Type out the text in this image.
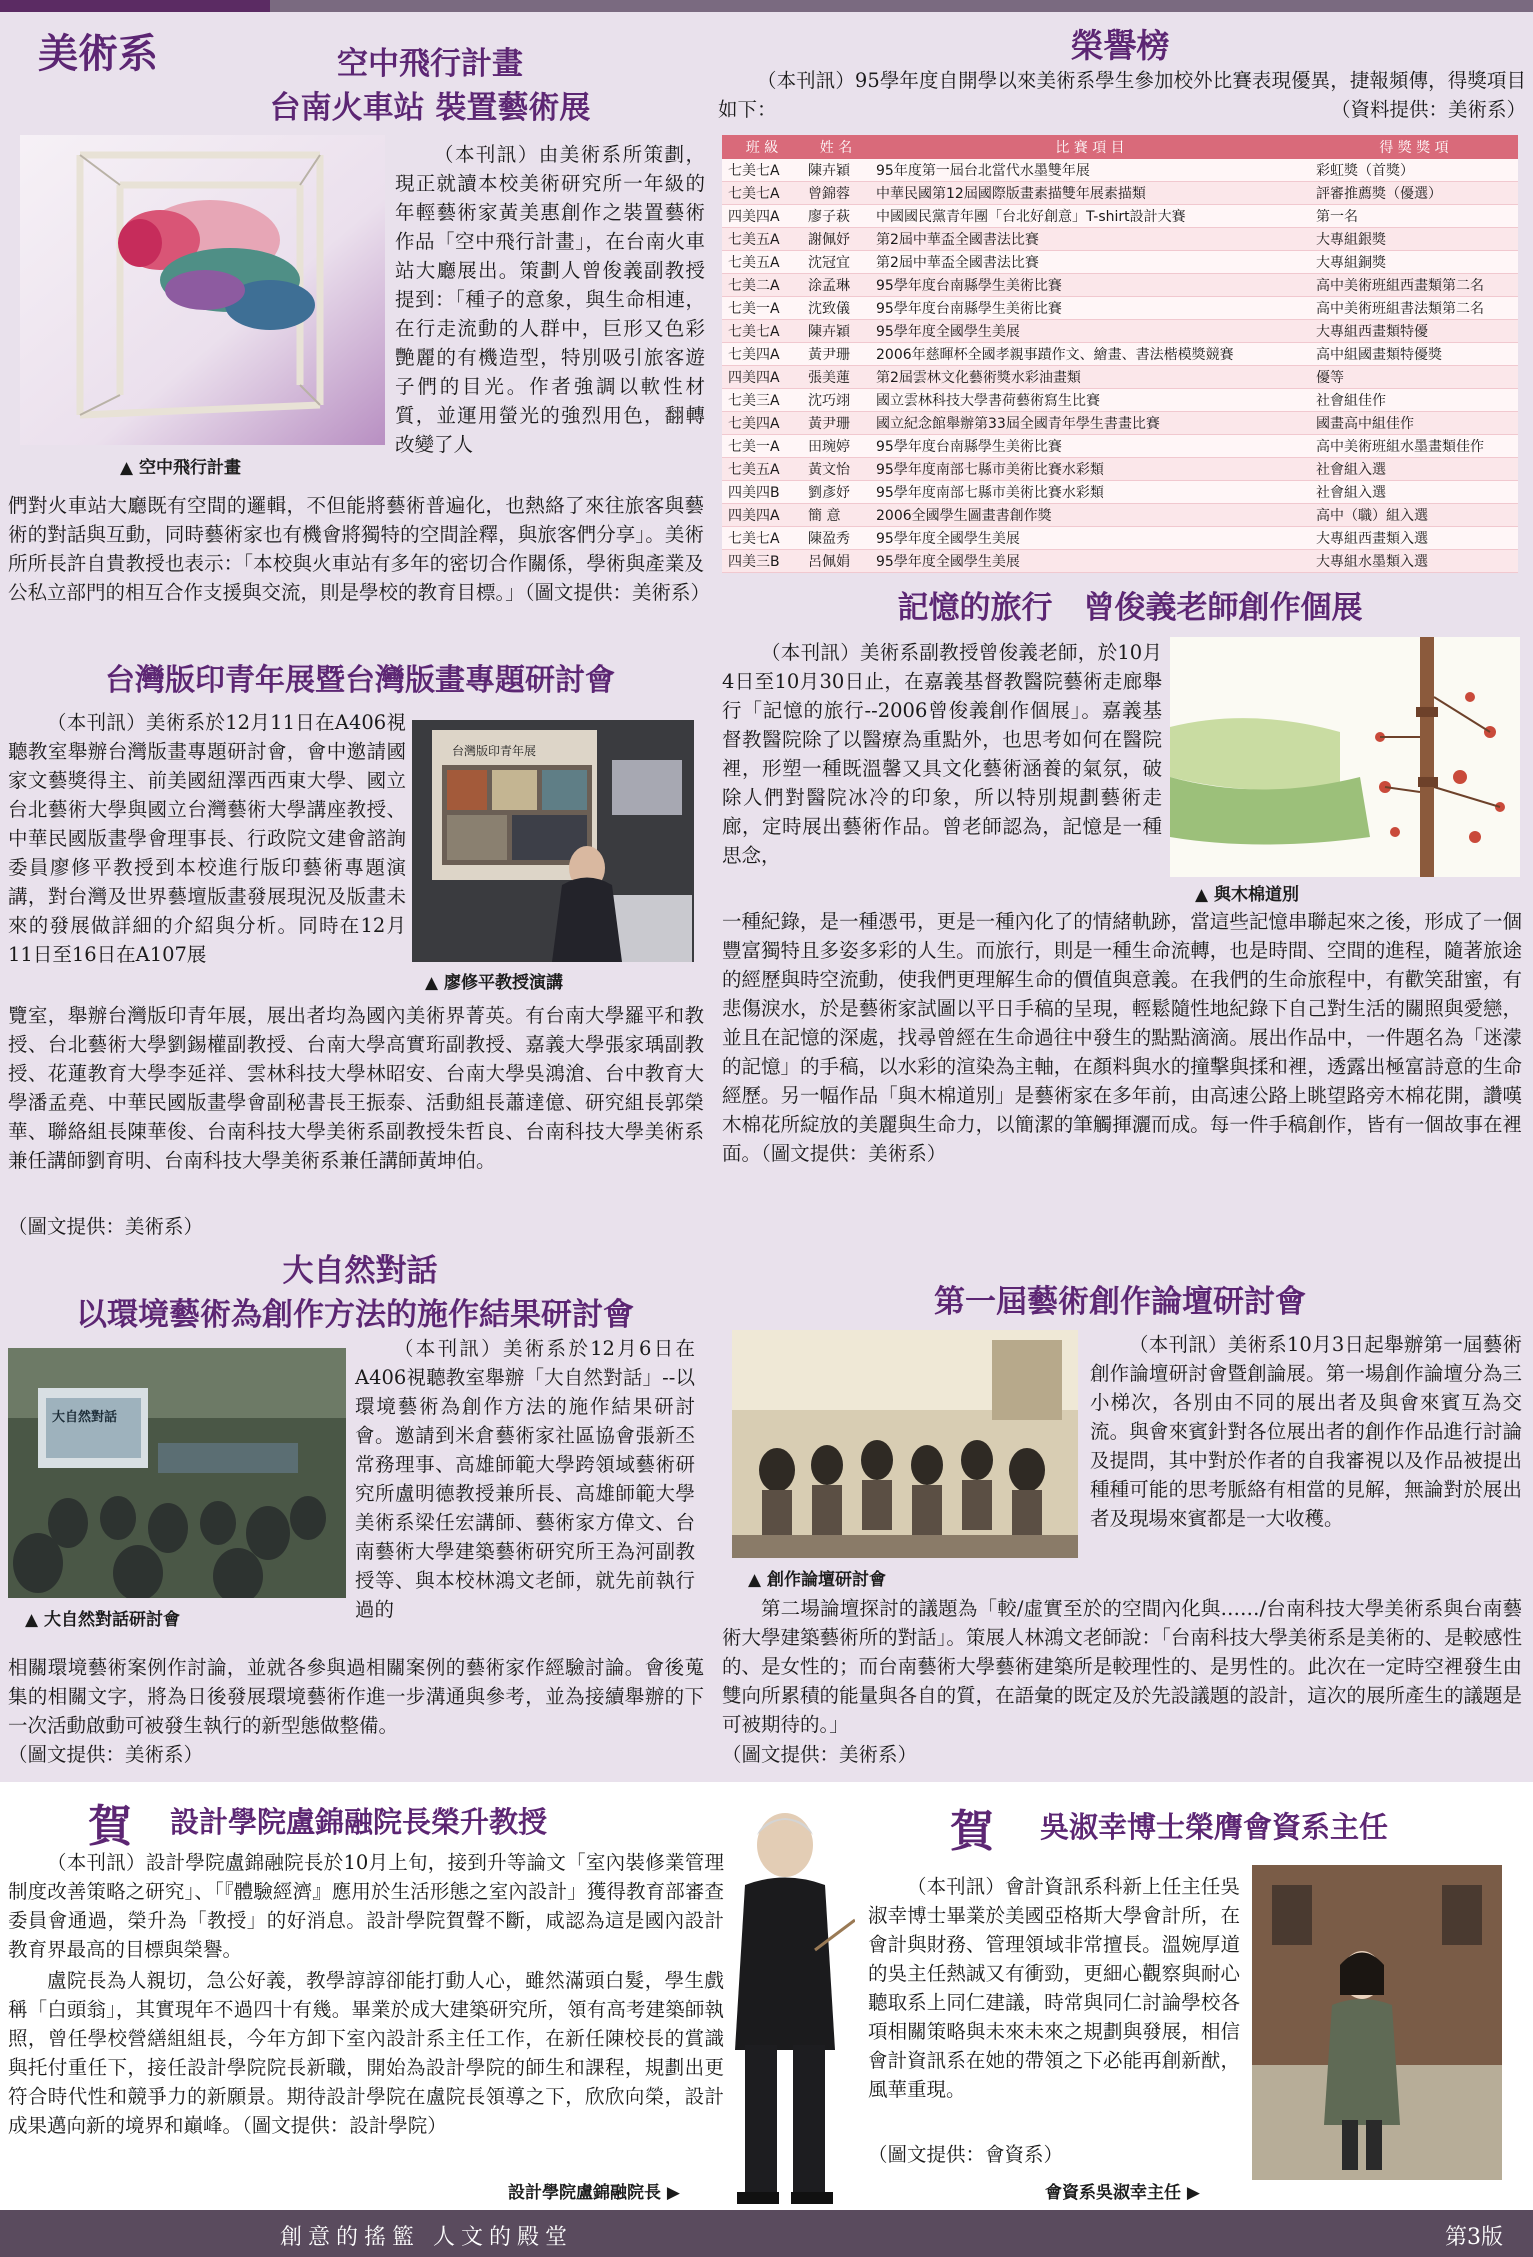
美術系	空中飛行計畫
台南火車站 裝置藝術展
▲ 空中飛行計畫

（本刊訊）由美術系所策劃，現正就讀本校美術研究所一年級的年輕藝術家黃美惠創作之裝置藝術作品「空中飛行計畫」，在台南火車站大廳展出。策劃人曾俊義副教授提到：「種子的意象，與生命相連，在行走流動的人群中，巨形又色彩艷麗的有機造型，特別吸引旅客遊子們的目光。作者強調以軟性材質，並運用螢光的強烈用色，翻轉改變了人

們對火車站大廳既有空間的邏輯，不但能將藝術普遍化，也熱絡了來往旅客與藝術的對話與互動，同時藝術家也有機會將獨特的空間詮釋，與旅客們分享」。美術所所長許自貴教授也表示：「本校與火車站有多年的密切合作關係，學術與產業及公私立部門的相互合作支援與交流，則是學校的教育目標。」（圖文提供：美術系）

台灣版印青年展暨台灣版畫專題研討會

（本刊訊）美術系於12月11日在A406視聽教室舉辦台灣版畫專題研討會，會中邀請國家文藝獎得主、前美國紐澤西西東大學、國立台北藝術大學與國立台灣藝術大學講座教授、中華民國版畫學會理事長、行政院文建會諮詢委員廖修平教授到本校進行版印藝術專題演講，對台灣及世界藝壇版畫發展現況及版畫未來的發展做詳細的介紹與分析。同時在12月11日至16日在A107展

台灣版印青年展
▲ 廖修平教授演講

覽室，舉辦台灣版印青年展，展出者均為國內美術界菁英。有台南大學羅平和教授、台北藝術大學劉錫權副教授、台南大學高實珩副教授、嘉義大學張家瑀副教授、花蓮教育大學李延祥、雲林科技大學林昭安、台南大學吳鴻滄、台中教育大學潘孟堯、中華民國版畫學會副秘書長王振泰、活動組長蕭達億、研究組長郭榮華、聯絡組長陳華俊、台南科技大學美術系副教授朱哲良、台南科技大學美術系兼任講師劉育明、台南科技大學美術系兼任講師黃坤伯。

（圖文提供：美術系）

大自然對話
以環境藝術為創作方法的施作結果研討會
大自然對話
▲ 大自然對話研討會

（本刊訊）美術系於12月6日在A406視聽教室舉辦「大自然對話」--以環境藝術為創作方法的施作結果研討會。邀請到米倉藝術家社區協會張新丕常務理事、高雄師範大學跨領域藝術研究所盧明德教授兼所長、高雄師範大學美術系梁任宏講師、藝術家方偉文、台南藝術大學建築藝術研究所王為河副教授等、與本校林鴻文老師，就先前執行過的

相關環境藝術案例作討論，並就各參與過相關案例的藝術家作經驗討論。會後蒐集的相關文字，將為日後發展環境藝術作進一步溝通與參考，並為接續舉辦的下一次活動啟動可被發生執行的新型態做整備。

（圖文提供：美術系）

榮譽榜

（本刊訊）95學年度自開學以來美術系學生參加校外比賽表現優異，捷報頻傳，得獎項目如下：	（資料提供：美術系）

班 級	姓 名	比 賽 項 目	得 獎 獎 項
七美七A	陳卉穎	95年度第一屆台北當代水墨雙年展	彩虹獎（首獎）
七美七A	曾錦蓉	中華民國第12屆國際版畫素描雙年展素描類	評審推薦獎（優選）
四美四A	廖子萩	中國國民黨青年團「台北好創意」T-shirt設計大賽	第一名
七美五A	謝佩妤	第2屆中華盃全國書法比賽	大專組銀獎
七美五A	沈冠宜	第2屆中華盃全國書法比賽	大專組銅獎
七美二A	涂孟琳	95學年度台南縣學生美術比賽	高中美術班組西畫類第二名
七美一A	沈致儀	95學年度台南縣學生美術比賽	高中美術班組書法類第二名
七美七A	陳卉穎	95學年度全國學生美展	大專組西畫類特優
七美四A	黃尹珊	2006年慈暉杯全國孝親事蹟作文、繪畫、書法楷模獎競賽	高中組國畫類特優獎
四美四A	張美蓮	第2屆雲林文化藝術獎水彩油畫類	優等
七美三A	沈巧翊	國立雲林科技大學書荷藝術寫生比賽	社會組佳作
七美四A	黃尹珊	國立紀念館舉辦第33屆全國青年學生書畫比賽	國畫高中組佳作
七美一A	田琬婷	95學年度台南縣學生美術比賽	高中美術班組水墨畫類佳作
七美五A	黃文怡	95學年度南部七縣市美術比賽水彩類	社會組入選
四美四B	劉彥妤	95學年度南部七縣市美術比賽水彩類	社會組入選
四美四A	簡 意	2006全國學生圖畫書創作獎	高中（職）組入選
七美七A	陳盈秀	95學年度全國學生美展	大專組西畫類入選
四美三B	呂佩娟	95學年度全國學生美展	大專組水墨類入選
記憶的旅行　曾俊義老師創作個展

（本刊訊）美術系副教授曾俊義老師，於10月4日至10月30日止，在嘉義基督教醫院藝術走廊舉行「記憶的旅行--2006曾俊義創作個展」。嘉義基督教醫院除了以醫療為重點外，也思考如何在醫院裡，形塑一種既溫馨又具文化藝術涵養的氣氛，破除人們對醫院冰冷的印象，所以特別規劃藝術走廊，定時展出藝術作品。曾老師認為，記憶是一種思念，

▲ 與木棉道別

一種紀錄，是一種憑弔，更是一種內化了的情緒軌跡，當這些記憶串聯起來之後，形成了一個豐富獨特且多姿多彩的人生。而旅行，則是一種生命流轉，也是時間、空間的進程，隨著旅途的經歷與時空流動，使我們更理解生命的價值與意義。在我們的生命旅程中，有歡笑甜蜜，有悲傷淚水，於是藝術家試圖以平日手稿的呈現，輕鬆隨性地紀錄下自己對生活的關照與愛戀，並且在記憶的深處，找尋曾經在生命過往中發生的點點滴滴。展出作品中，一件題名為「迷濛的記憶」的手稿，以水彩的渲染為主軸，在顏料與水的撞擊與揉和裡，透露出極富詩意的生命經歷。另一幅作品「與木棉道別」是藝術家在多年前，由高速公路上眺望路旁木棉花開，讚嘆木棉花所綻放的美麗與生命力，以簡潔的筆觸揮灑而成。每一件手稿創作，皆有一個故事在裡面。（圖文提供：美術系）

第一屆藝術創作論壇研討會
▲ 創作論壇研討會

（本刊訊）美術系10月3日起舉辦第一屆藝術創作論壇研討會暨創論展。第一場創作論壇分為三小梯次，各別由不同的展出者及與會來賓互為交流。與會來賓針對各位展出者的創作作品進行討論及提問，其中對於作者的自我審視以及作品被提出種種可能的思考脈絡有相當的見解，無論對於展出者及現場來賓都是一大收穫。

第二場論壇探討的議題為「較/虛實至於的空間內化與……/台南科技大學美術系與台南藝術大學建築藝術所的對話」。策展人林鴻文老師說：「台南科技大學美術系是美術的、是較感性的、是女性的；而台南藝術大學藝術建築所是較理性的、是男性的。此次在一定時空裡發生由雙向所累積的能量與各自的質，在語彙的既定及於先設議題的設計，這次的展所產生的議題是可被期待的。」

（圖文提供：美術系）

賀 設計學院盧錦融院長榮升教授

（本刊訊）設計學院盧錦融院長於10月上旬，接到升等論文「室內裝修業管理制度改善策略之研究」、「『體驗經濟』應用於生活形態之室內設計」獲得教育部審查委員會通過，榮升為「教授」的好消息。設計學院賀聲不斷，咸認為這是國內設計教育界最高的目標與榮譽。

盧院長為人親切，急公好義，教學諄諄卻能打動人心，雖然滿頭白髮，學生戲稱「白頭翁」，其實現年不過四十有幾。畢業於成大建築研究所，領有高考建築師執照，曾任學校營繕組組長，今年方卸下室內設計系主任工作，在新任陳校長的賞識與托付重任下，接任設計學院院長新職，開始為設計學院的師生和課程，規劃出更符合時代性和競爭力的新願景。期待設計學院在盧院長領導之下，欣欣向榮，設計成果邁向新的境界和巔峰。（圖文提供：設計學院）

設計學院盧錦融院長 ▶
賀 吳淑幸博士榮膺會資系主任

（本刊訊）會計資訊系科新上任主任吳淑幸博士畢業於美國亞格斯大學會計所，在會計與財務、管理領域非常擅長。溫婉厚道的吳主任熱誠又有衝勁，更細心觀察與耐心聽取系上同仁建議，時常與同仁討論學校各項相關策略與未來未來之規劃與發展，相信會計資訊系在她的帶領之下必能再創新猷，風華重現。

（圖文提供：會資系）

會資系吳淑幸主任 ▶
創意的搖籃 人文的殿堂	第3版
